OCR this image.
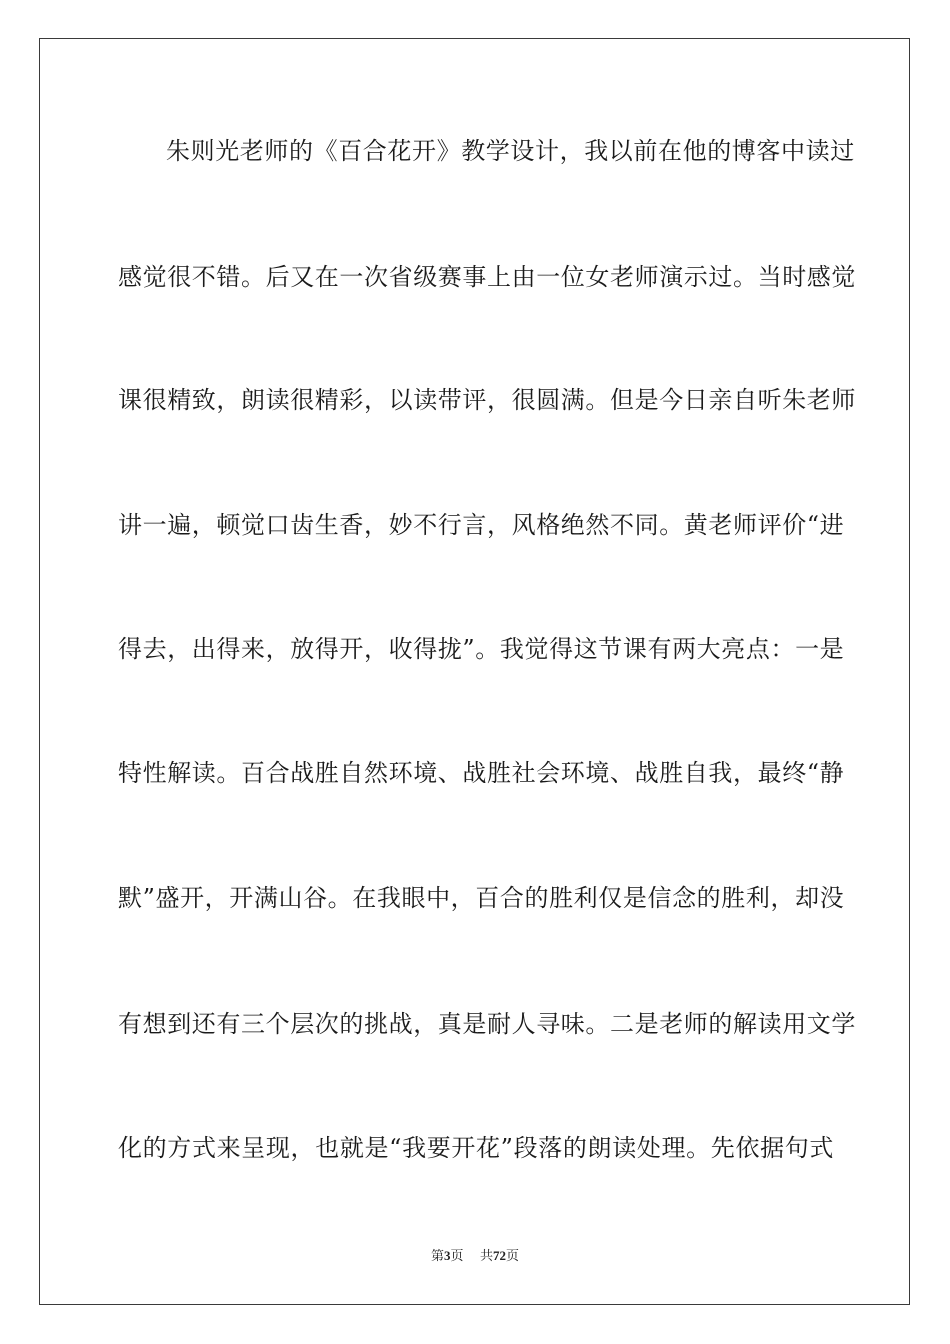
朱则光老师的《百合花开》教学设计，我以前在他的博客中读过
感觉很不错。后又在一次省级赛事上由一位女老师演示过。当时感觉
课很精致，朗读很精彩，以读带评，很圆满。但是今日亲自听朱老师
讲一遍，顿觉口齿生香，妙不行言，风格绝然不同。黄老师评价“进
得去，出得来，放得开，收得拢”。我觉得这节课有两大亮点：一是
特性解读。百合战胜自然环境、战胜社会环境、战胜自我，最终“静
默”盛开，开满山谷。在我眼中，百合的胜利仅是信念的胜利，却没
有想到还有三个层次的挑战，真是耐人寻味。二是老师的解读用文学
化的方式来呈现，也就是“我要开花”段落的朗读处理。先依据句式
第3页 共72页
